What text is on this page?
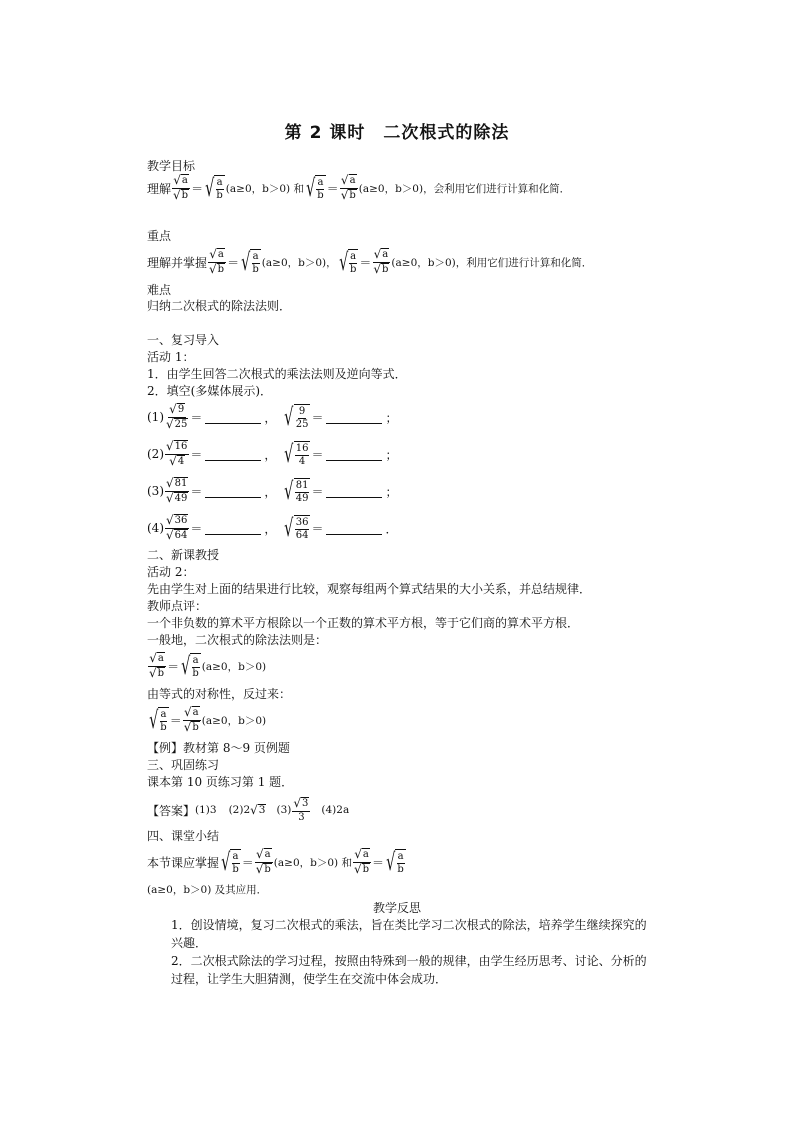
第 2 课时　二次根式的除法
教学目标
理解 $\frac{√ a}{√ b}$ ＝ √ $\frac{a}{b} (a\ge 0$，b＞0) 和 √ $\frac{a}{b} = \frac{√ a}{√ b} (a\ge 0$，b＞0)，会利用它们进行计算和化简．
重点
理解并掌握 $\frac{√ a}{√ b}$ ＝ √ $\frac{a}{b} (a\ge 0$，b＞0)， √ $\frac{a}{b} = \frac{√ a}{√ b} (a\ge 0$，b＞0)，利用它们进行计算和化简．
难点
归纳二次根式的除法法则．
一、复习导入
活动 1：
1．由学生回答二次根式的乘法法则及逆向等式．
2．填空(多媒体展示)．
$(1) \frac{√ 9}{√ 25}$ ＝	， √ $\frac{9}{25}$ ＝	；
$(2) \frac{√ 16}{√ 4}$ ＝	， √ $\frac{16}{4}$ ＝	；
$(3) \frac{√ 81}{√ 49}$ ＝	， √ $\frac{81}{49}$ ＝	；
$(4) \frac{√ 36}{√ 64}$ ＝	， √ $\frac{36}{64}$ ＝	．
二、新课教授
活动 2：
先由学生对上面的结果进行比较，观察每组两个算式结果的大小关系，并总结规律．
教师点评：
一个非负数的算术平方根除以一个正数的算术平方根，等于它们商的算术平方根．
一般地，二次根式的除法法则是：
$\frac{√ a}{√ b}$ ＝ √ $\frac{a}{b} (a\ge 0$，b＞0)
由等式的对称性，反过来：
√ $\frac{a}{b} = \frac{√ a}{√ b} (a\ge 0$，b＞0)
【例】教材第 8～9 页例题
三、巩固练习
课本第 10 页练习第 1 题．
【答案】 (1)3 (2)2 √ 3 $(3) \frac{√ 3}{3} (4)2a$
四、课堂小结
本节课应掌握 √ $\frac{a}{b} = \frac{√ a}{√ b} (a\ge 0$，b＞0) 和 $\frac{√ a}{√ b}$ ＝ √ $\frac{a}{b}$
(a≥0，b＞0) 及其应用．
教学反思
1．创设情境，复习二次根式的乘法，旨在类比学习二次根式的除法，培养学生继续探究的兴趣．
2．二次根式除法的学习过程，按照由特殊到一般的规律，由学生经历思考、讨论、分析的过程，让学生大胆猜测，使学生在交流中体会成功．
